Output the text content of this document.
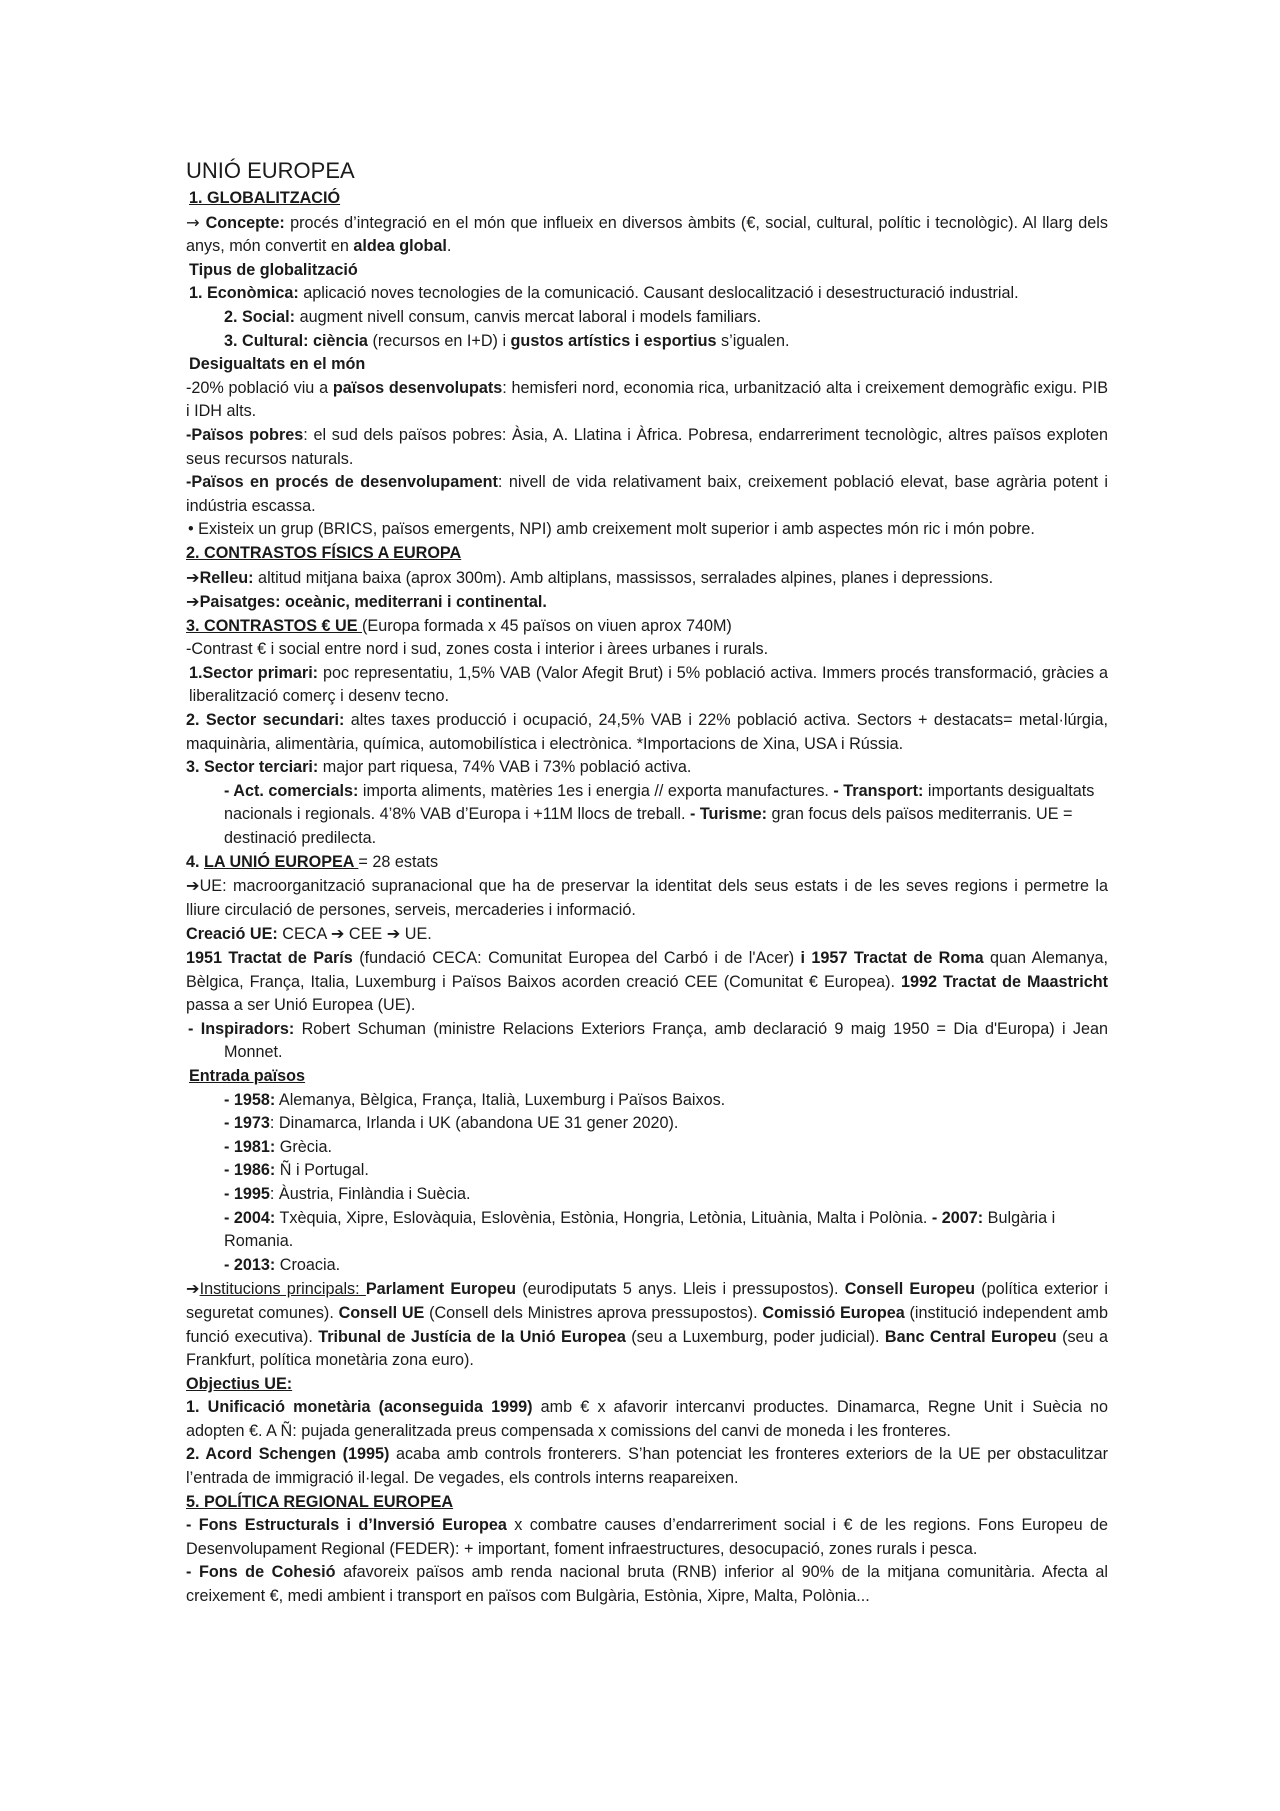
UNIÓ EUROPEA

1. GLOBALITZACIÓ

→ Concepte: procés d’integració en el món que influeix en diversos àmbits (€, social, cultural, polític i tecnològic). Al llarg dels anys, món convertit en aldea global.

Tipus de globalització

1. Econòmica: aplicació noves tecnologies de la comunicació. Causant deslocalització i desestructuració industrial.

2. Social: augment nivell consum, canvis mercat laboral i models familiars.

3. Cultural: ciència (recursos en I+D) i gustos artístics i esportius s’igualen.

Desigualtats en el món

-20% població viu a països desenvolupats: hemisferi nord, economia rica, urbanització alta i creixement demogràfic exigu. PIB i IDH alts.

-Països pobres: el sud dels països pobres: Àsia, A. Llatina i Àfrica. Pobresa, endarreriment tecnològic, altres països exploten seus recursos naturals.

-Països en procés de desenvolupament: nivell de vida relativament baix, creixement població elevat, base agrària potent i indústria escassa.

• Existeix un grup (BRICS, països emergents, NPI) amb creixement molt superior i amb aspectes món ric i món pobre.

2. CONTRASTOS FÍSICS A EUROPA

➔Relleu: altitud mitjana baixa (aprox 300m). Amb altiplans, massissos, serralades alpines, planes i depressions.

➔Paisatges: oceànic, mediterrani i continental.

3. CONTRASTOS € UE (Europa formada x 45 països on viuen aprox 740M)

-Contrast € i social entre nord i sud, zones costa i interior i àrees urbanes i rurals.

1.Sector primari: poc representatiu, 1,5% VAB (Valor Afegit Brut) i 5% població activa. Immers procés transformació, gràcies a liberalització comerç i desenv tecno.

2. Sector secundari: altes taxes producció i ocupació, 24,5% VAB i 22% població activa. Sectors + destacats= metal·lúrgia, maquinària, alimentària, química, automobilística i electrònica. *Importacions de Xina, USA i Rússia.

3. Sector terciari: major part riquesa, 74% VAB i 73% població activa.

- Act. comercials: importa aliments, matèries 1es i energia // exporta manufactures. - Transport: importants desigualtats nacionals i regionals. 4’8% VAB d’Europa i +11M llocs de treball. - Turisme: gran focus dels països mediterranis. UE = destinació predilecta.

4. LA UNIÓ EUROPEA = 28 estats

➔UE: macroorganització supranacional que ha de preservar la identitat dels seus estats i de les seves regions i permetre la lliure circulació de persones, serveis, mercaderies i informació.

Creació UE: CECA ➔ CEE ➔ UE.

1951 Tractat de París (fundació CECA: Comunitat Europea del Carbó i de l'Acer) i 1957 Tractat de Roma quan Alemanya, Bèlgica, França, Italia, Luxemburg i Països Baixos acorden creació CEE (Comunitat € Europea). 1992 Tractat de Maastricht passa a ser Unió Europea (UE).

- Inspiradors: Robert Schuman (ministre Relacions Exteriors França, amb declaració 9 maig 1950 = Dia d'Europa) i Jean Monnet.

Entrada països

- 1958: Alemanya, Bèlgica, França, Italià, Luxemburg i Països Baixos.

- 1973: Dinamarca, Irlanda i UK (abandona UE 31 gener 2020).

- 1981: Grècia.

- 1986: Ñ i Portugal.

- 1995: Àustria, Finlàndia i Suècia.

- 2004: Txèquia, Xipre, Eslovàquia, Eslovènia, Estònia, Hongria, Letònia, Lituània, Malta i Polònia. - 2007: Bulgària i Romania.

- 2013: Croacia.

➔Institucions principals: Parlament Europeu (eurodiputats 5 anys. Lleis i pressupostos). Consell Europeu (política exterior i seguretat comunes). Consell UE (Consell dels Ministres aprova pressupostos). Comissió Europea (institució independent amb funció executiva). Tribunal de Justícia de la Unió Europea (seu a Luxemburg, poder judicial). Banc Central Europeu (seu a Frankfurt, política monetària zona euro).

Objectius UE:

1. Unificació monetària (aconseguida 1999) amb € x afavorir intercanvi productes. Dinamarca, Regne Unit i Suècia no adopten €. A Ñ: pujada generalitzada preus compensada x comissions del canvi de moneda i les fronteres.

2. Acord Schengen (1995) acaba amb controls fronterers. S’han potenciat les fronteres exteriors de la UE per obstaculitzar l’entrada de immigració il·legal. De vegades, els controls interns reapareixen.

5. POLÍTICA REGIONAL EUROPEA

- Fons Estructurals i d’Inversió Europea x combatre causes d’endarreriment social i € de les regions. Fons Europeu de Desenvolupament Regional (FEDER): + important, foment infraestructures, desocupació, zones rurals i pesca.

- Fons de Cohesió afavoreix països amb renda nacional bruta (RNB) inferior al 90% de la mitjana comunitària. Afecta al creixement €, medi ambient i transport en països com Bulgària, Estònia, Xipre, Malta, Polònia...
